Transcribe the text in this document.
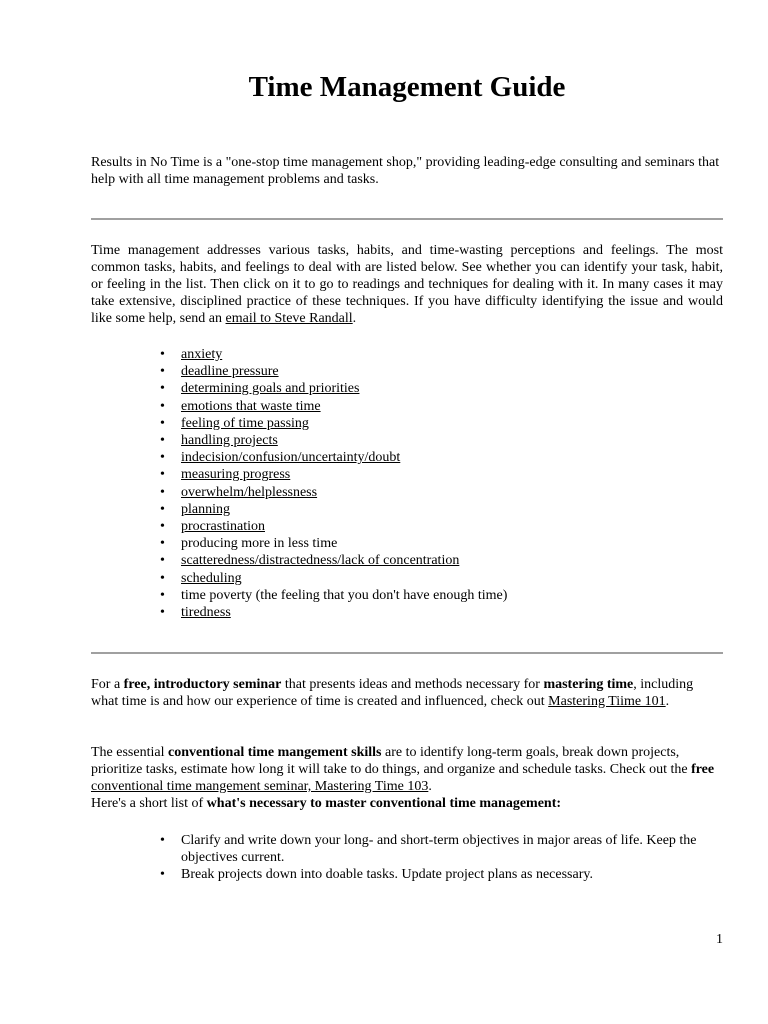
Time Management Guide

Results in No Time is a "one-stop time management shop," providing leading-edge consulting and seminars that help with all time management problems and tasks.

Time management addresses various tasks, habits, and time-wasting perceptions and feelings. The most common tasks, habits, and feelings to deal with are listed below. See whether you can identify your task, habit, or feeling in the list. Then click on it to go to readings and techniques for dealing with it. In many cases it may take extensive, disciplined practice of these techniques. If you have difficulty identifying the issue and would like some help, send an email to Steve Randall.

• anxiety
• deadline pressure
• determining goals and priorities
• emotions that waste time
• feeling of time passing
• handling projects
• indecision/confusion/uncertainty/doubt
• measuring progress
• overwhelm/helplessness
• planning
• procrastination
• producing more in less time
• scatteredness/distractedness/lack of concentration
• scheduling
• time poverty (the feeling that you don't have enough time)
• tiredness

For a free, introductory seminar that presents ideas and methods necessary for mastering time, including what time is and how our experience of time is created and influenced, check out Mastering Tiime 101.

The essential conventional time mangement skills are to identify long-term goals, break down projects, prioritize tasks, estimate how long it will take to do things, and organize and schedule tasks. Check out the free conventional time mangement seminar, Mastering Time 103.
Here's a short list of what's necessary to master conventional time management:

• Clarify and write down your long- and short-term objectives in major areas of life. Keep the objectives current.
• Break projects down into doable tasks. Update project plans as necessary.
1
